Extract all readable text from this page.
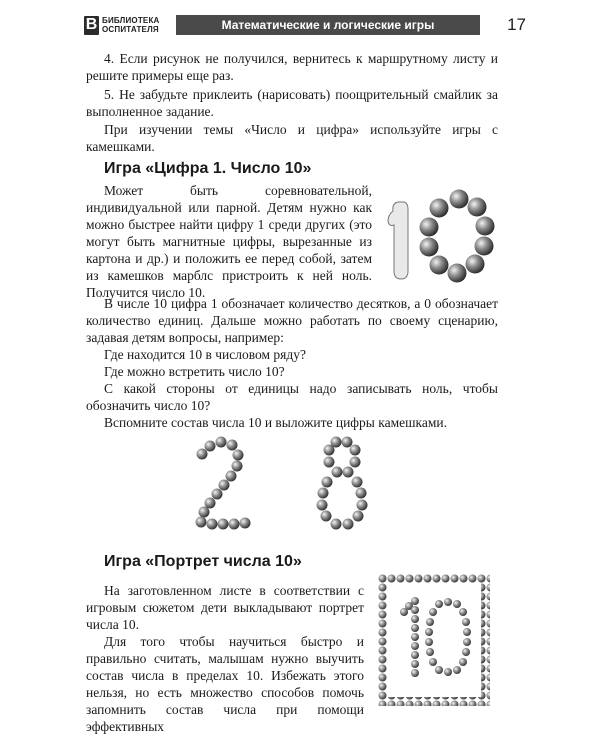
B БИБЛИОТЕКА
ОСПИТАТЕЛЯ	Математические и логические игры	17

4. Если рисунок не получился, вернитесь к маршрутному листу и решите примеры еще раз.

5. Не забудьте приклеить (нарисовать) поощрительный смайлик за выполненное задание.

При изучении темы «Число и цифра» используйте игры с камешками.

Игра «Цифра 1. Число 10»

Может быть соревновательной, индивидуальной или парной. Детям нужно как можно быстрее найти цифру 1 среди других (это могут быть магнитные цифры, вырезанные из картона и др.) и положить ее перед собой, затем из камешков марблс пристроить к ней ноль. Получится число 10.

В числе 10 цифра 1 обозначает количество десятков, а 0 обозначает количество единиц. Дальше можно работать по своему сценарию, задавая детям вопросы, например:

Где находится 10 в числовом ряду?

Где можно встретить число 10?

С какой стороны от единицы надо записывать ноль, чтобы обозначить число 10?

Вспомните состав числа 10 и выложите цифры камешками.

Игра «Портрет числа 10»

На заготовленном листе в соответствии с игровым сюжетом дети выкладывают портрет числа 10.

Для того чтобы научиться быстро и правильно считать, малышам нужно выучить состав числа в пределах 10. Избежать этого нельзя, но есть множество способов помочь запомнить состав числа при помощи эффективных
